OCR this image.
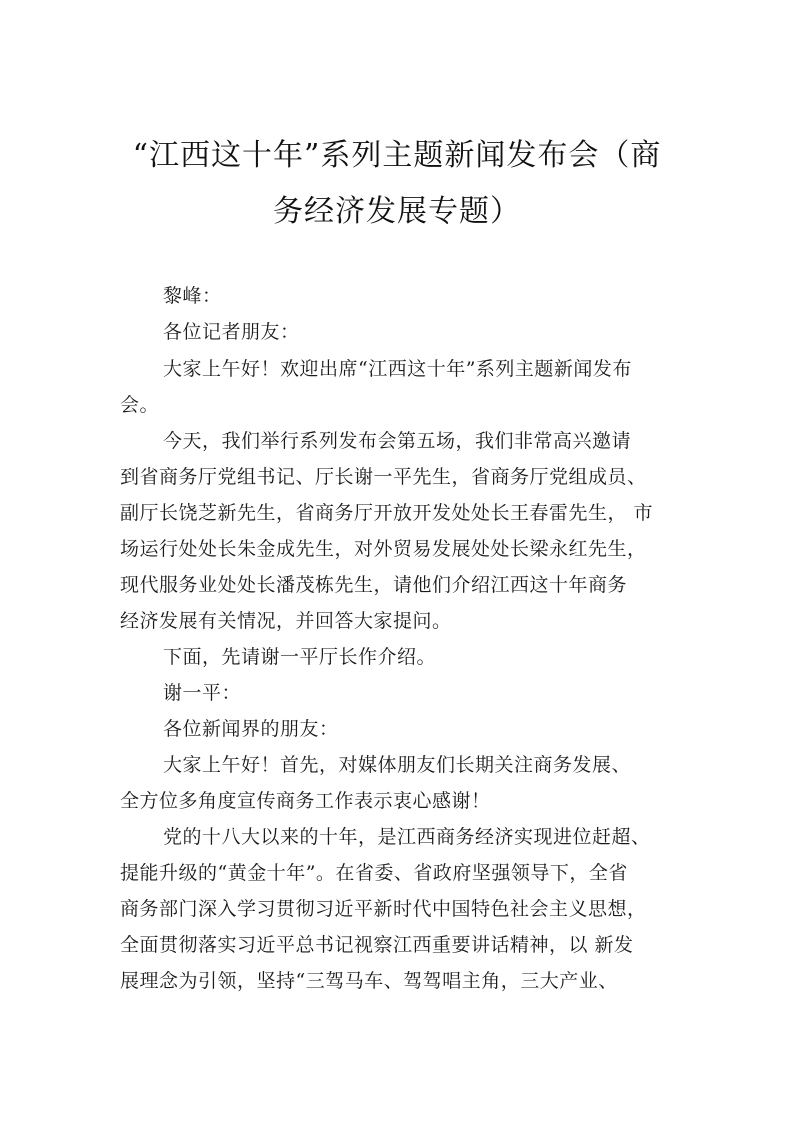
“江西这十年”系列主题新闻发布会（商
务经济发展专题）
黎峰：
各位记者朋友：
大家上午好！欢迎出席“江西这十年”系列主题新闻发布
会。
今天，我们举行系列发布会第五场，我们非常高兴邀请
到省商务厅党组书记、厅长谢一平先生，省商务厅党组成员、
副厅长饶芝新先生，省商务厅开放开发处处长王春雷先生， 市
场运行处处长朱金成先生，对外贸易发展处处长梁永红先生，
现代服务业处处长潘茂栋先生，请他们介绍江西这十年商务
经济发展有关情况，并回答大家提问。
下面，先请谢一平厅长作介绍。
谢一平：
各位新闻界的朋友：
大家上午好！首先，对媒体朋友们长期关注商务发展、
全方位多角度宣传商务工作表示衷心感谢！
党的十八大以来的十年，是江西商务经济实现进位赶超、
提能升级的“黄金十年”。在省委、省政府坚强领导下，全省
商务部门深入学习贯彻习近平新时代中国特色社会主义思想，
全面贯彻落实习近平总书记视察江西重要讲话精神，以 新发
展理念为引领，坚持“三驾马车、驾驾唱主角，三大产业、
